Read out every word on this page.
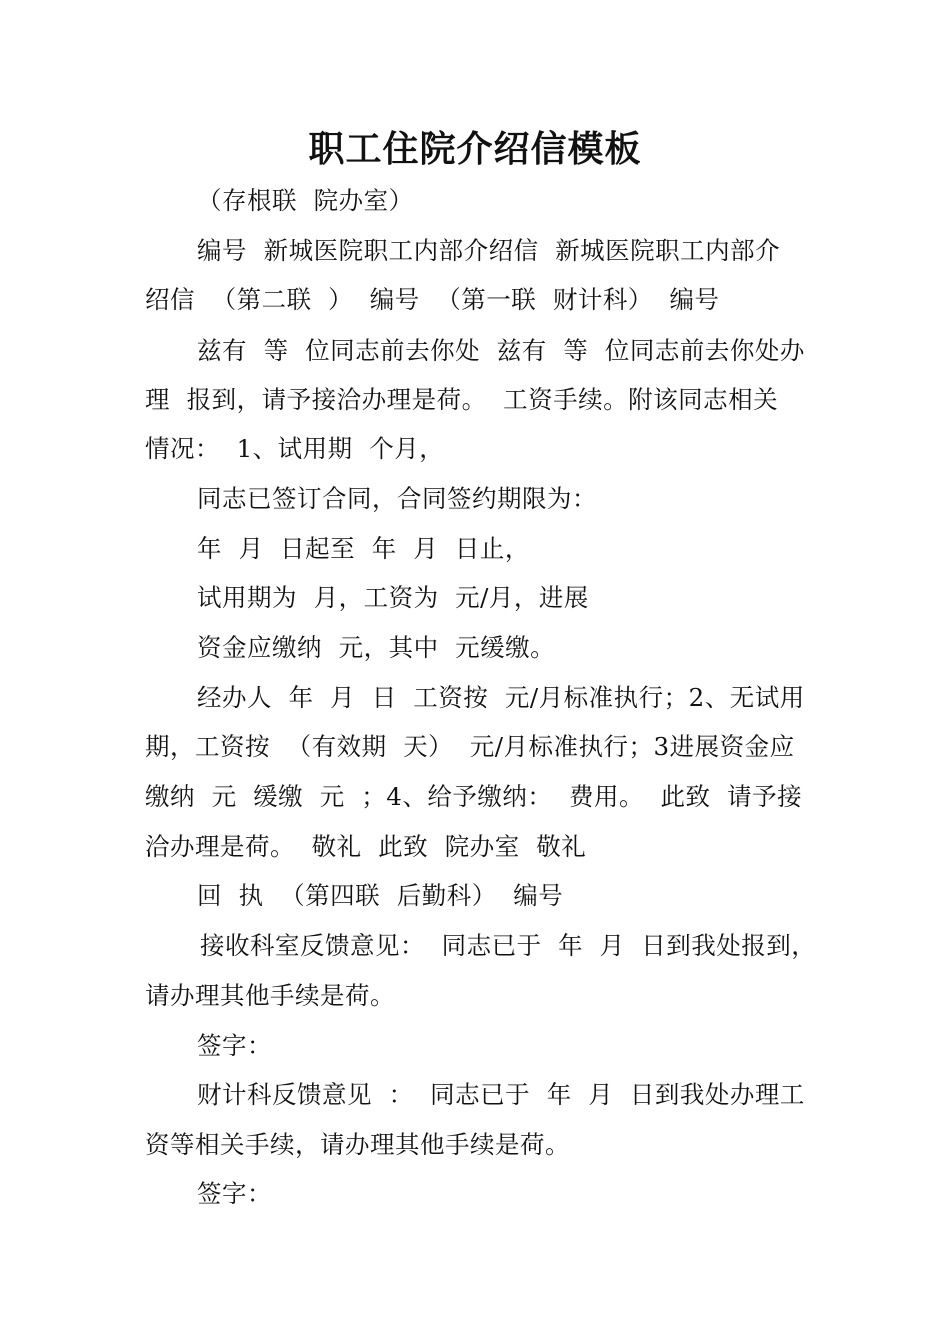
职工住院介绍信模板
（存根联  院办室）
编号  新城医院职工内部介绍信  新城医院职工内部介
绍信  （第二联  ）  编号  （第一联  财计科）  编号
兹有  等  位同志前去你处  兹有  等  位同志前去你处办
理  报到，请予接洽办理是荷。  工资手续。附该同志相关
情况：  1、试用期  个月，
同志已签订合同，合同签约期限为：
年  月  日起至  年  月  日止，
试用期为  月，工资为  元/月，进展
资金应缴纳  元，其中  元缓缴。
经办人  年  月  日  工资按  元/月标准执行；2、无试用
期，工资按  （有效期  天）  元/月标准执行；3进展资金应
缴纳  元  缓缴  元  ；4、给予缴纳：  费用。  此致  请予接
洽办理是荷。  敬礼  此致  院办室  敬礼
回  执  （第四联  后勤科）  编号
接收科室反馈意见：  同志已于  年  月  日到我处报到，
请办理其他手续是荷。
签字：
财计科反馈意见  ：  同志已于  年  月  日到我处办理工
资等相关手续，请办理其他手续是荷。
签字：
